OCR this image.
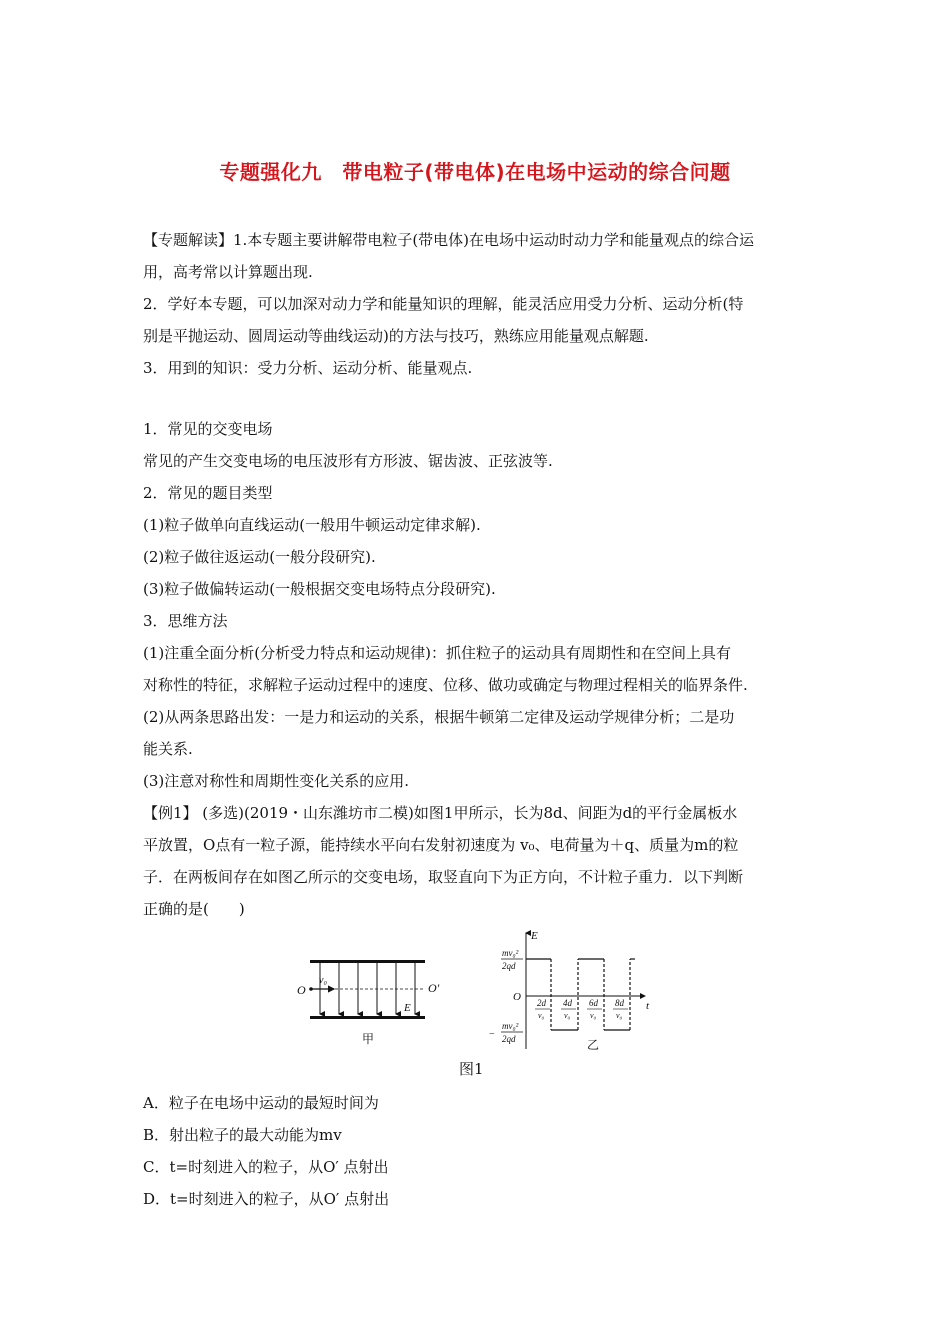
专题强化九　带电粒子(带电体)在电场中运动的综合问题
【专题解读】1.本专题主要讲解带电粒子(带电体)在电场中运动时动力学和能量观点的综合运
用，高考常以计算题出现.
2．学好本专题，可以加深对动力学和能量知识的理解，能灵活应用受力分析、运动分析(特
别是平抛运动、圆周运动等曲线运动)的方法与技巧，熟练应用能量观点解题.
3．用到的知识：受力分析、运动分析、能量观点.
1．常见的交变电场
常见的产生交变电场的电压波形有方形波、锯齿波、正弦波等.
2．常见的题目类型
(1)粒子做单向直线运动(一般用牛顿运动定律求解).
(2)粒子做往返运动(一般分段研究).
(3)粒子做偏转运动(一般根据交变电场特点分段研究).
3．思维方法
(1)注重全面分析(分析受力特点和运动规律)：抓住粒子的运动具有周期性和在空间上具有
对称性的特征，求解粒子运动过程中的速度、位移、做功或确定与物理过程相关的临界条件.
(2)从两条思路出发：一是力和运动的关系，根据牛顿第二定律及运动学规律分析；二是功
能关系.
(3)注意对称性和周期性变化关系的应用.
【例1】 (多选)(2019・山东潍坊市二模)如图1甲所示，长为8d、间距为d的平行金属板水
平放置，O点有一粒子源，能持续水平向右发射初速度为 v₀、电荷量为＋q、质量为m的粒
子．在两板间存在如图乙所示的交变电场，取竖直向下为正方向，不计粒子重力．以下判断
正确的是(　　)
O	O′
v₀
E
甲
E
t
O
mv₀²
2qd
−
mv₀²
2qd
2d
v₀
4d
v₀
6d
v₀
8d
v₀
乙
图1
A．粒子在电场中运动的最短时间为
B．射出粒子的最大动能为mv
C．t=时刻进入的粒子，从O′ 点射出
D．t=时刻进入的粒子，从O′ 点射出
